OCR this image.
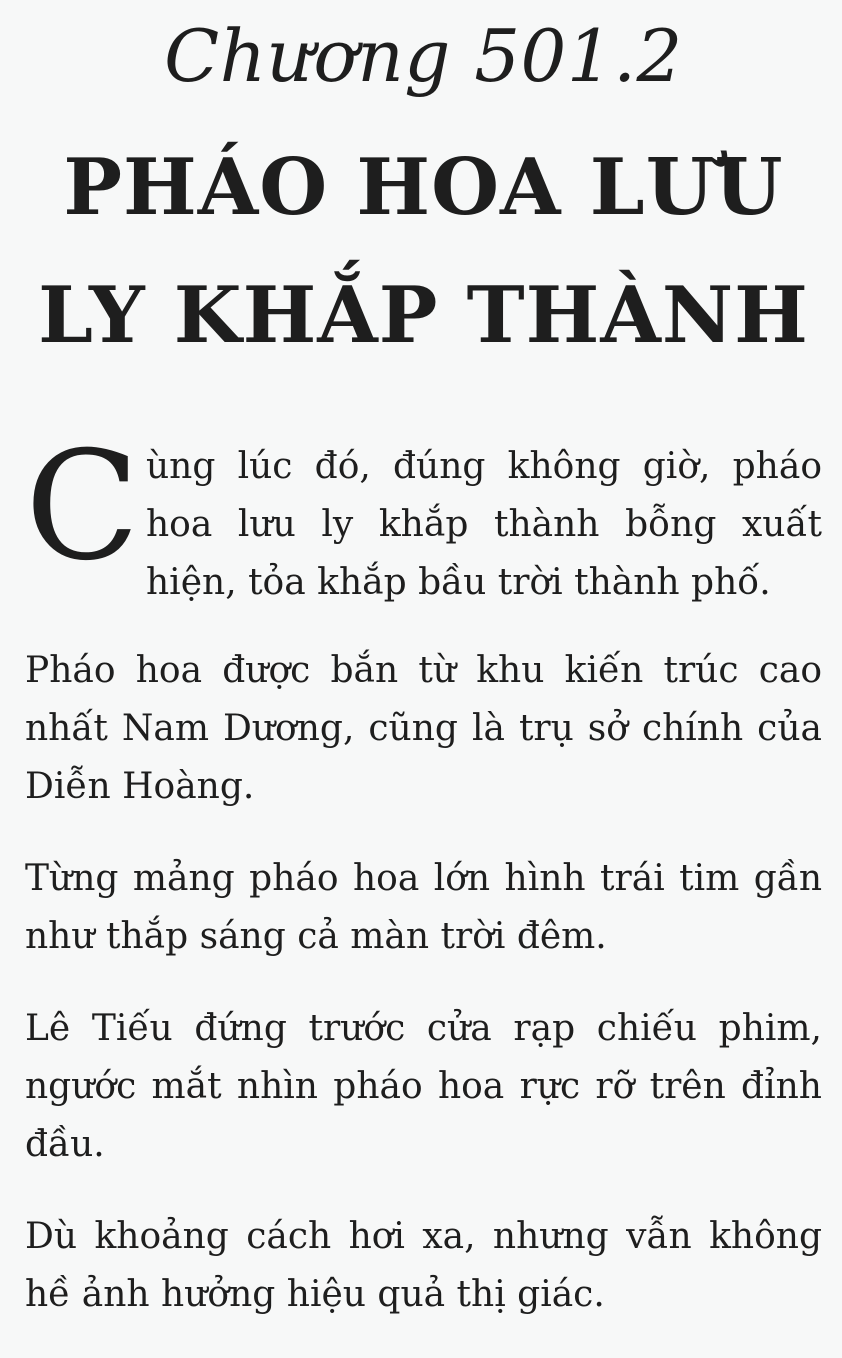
Chương 501.2
PHÁO HOA LƯU
LY KHẮP THÀNH

C ùng lúc đó, đúng không giờ, pháo hoa lưu ly khắp thành bỗng xuất hiện, tỏa khắp bầu trời thành phố.

Pháo hoa được bắn từ khu kiến trúc cao nhất Nam Dương, cũng là trụ sở chính của Diễn Hoàng.

Từng mảng pháo hoa lớn hình trái tim gần như thắp sáng cả màn trời đêm.

Lê Tiếu đứng trước cửa rạp chiếu phim, ngước mắt nhìn pháo hoa rực rỡ trên đỉnh đầu.

Dù khoảng cách hơi xa, nhưng vẫn không hề ảnh hưởng hiệu quả thị giác.
